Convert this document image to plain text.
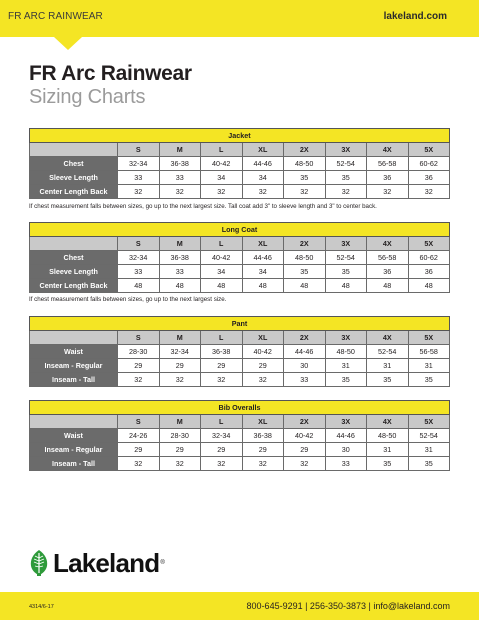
FR ARC RAINWEAR	lakeland.com
FR Arc Rainwear
Sizing Charts
Jacket								
	S	M	L	XL	2X	3X	4X	5X
Chest	32-34	36-38	40-42	44-46	48-50	52-54	56-58	60-62
Sleeve Length	33	33	34	34	35	35	36	36
Center Length Back	32	32	32	32	32	32	32	32
If chest measurement falls between sizes, go up to the next largest size. Tall coat add 3" to sleeve length and 3" to center back.
Long Coat								
	S	M	L	XL	2X	3X	4X	5X
Chest	32-34	36-38	40-42	44-46	48-50	52-54	56-58	60-62
Sleeve Length	33	33	34	34	35	35	36	36
Center Length Back	48	48	48	48	48	48	48	48
If chest measurement falls between sizes, go up to the next largest size.
Pant								
	S	M	L	XL	2X	3X	4X	5X
Waist	28-30	32-34	36-38	40-42	44-46	48-50	52-54	56-58
Inseam - Regular	29	29	29	29	30	31	31	31
Inseam - Tall	32	32	32	32	33	35	35	35
Bib Overalls								
	S	M	L	XL	2X	3X	4X	5X
Waist	24-26	28-30	32-34	36-38	40-42	44-46	48-50	52-54
Inseam - Regular	29	29	29	29	29	30	31	31
Inseam - Tall	32	32	32	32	32	33	35	35
Lakeland ®
4314/6-17	800-645-9291 | 256-350-3873 | info@lakeland.com
